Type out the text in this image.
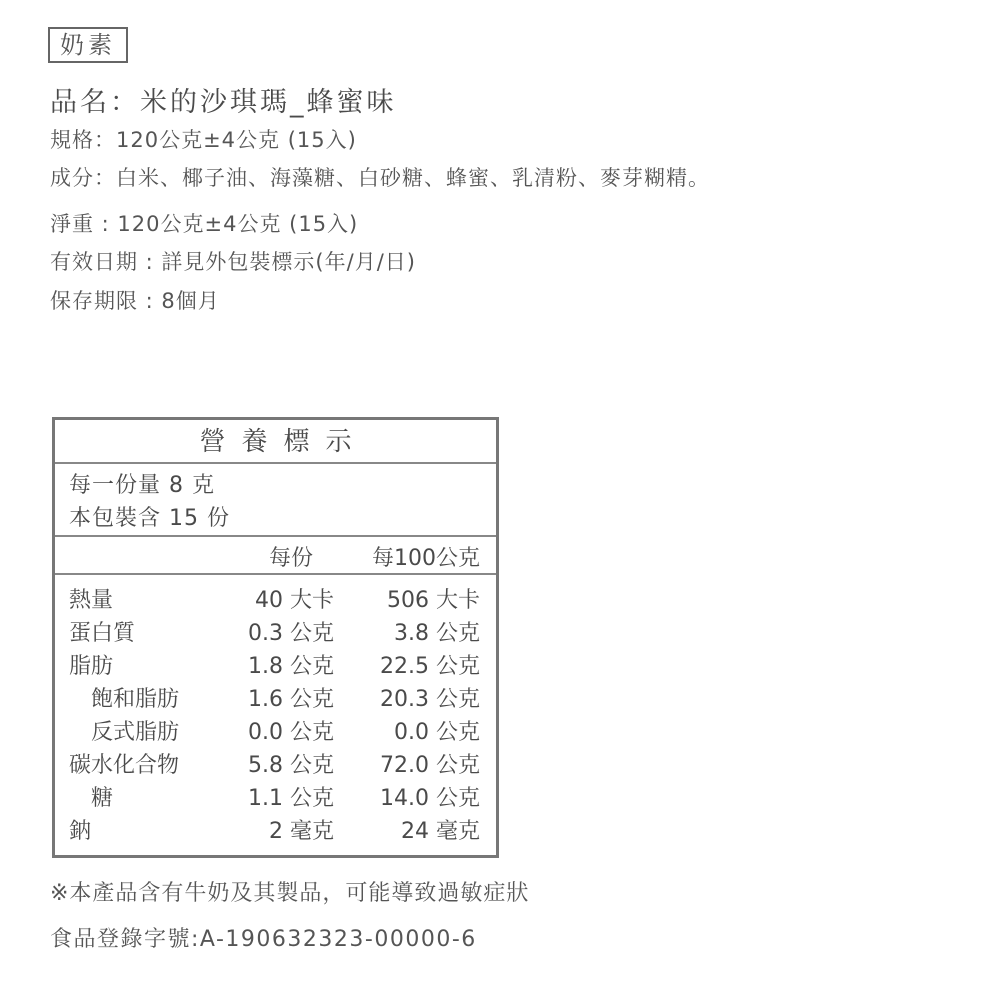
奶素
品名：米的沙琪瑪_蜂蜜味
規格：120公克±4公克 (15入)
成分：白米、椰子油、海藻糖、白砂糖、蜂蜜、乳清粉、麥芽糊精。
淨重 : 120公克±4公克 (15入)
有效日期 : 詳見外包裝標示(年/月/日)
保存期限 : 8個月
營養標示
每一份量 8 克
本包裝含 15 份
每份	每100公克
熱量	40 大卡 506 大卡
蛋白質	0.3 公克	3.8 公克
脂肪	1.8 公克 22.5 公克
飽和脂肪	1.6 公克 20.3 公克
反式脂肪	0.0 公克	0.0 公克
碳水化合物	5.8 公克 72.0 公克
糖	1.1 公克 14.0 公克
鈉	2 毫克	24 毫克
※本產品含有牛奶及其製品，可能導致過敏症狀
食品登錄字號:A-190632323-00000-6
